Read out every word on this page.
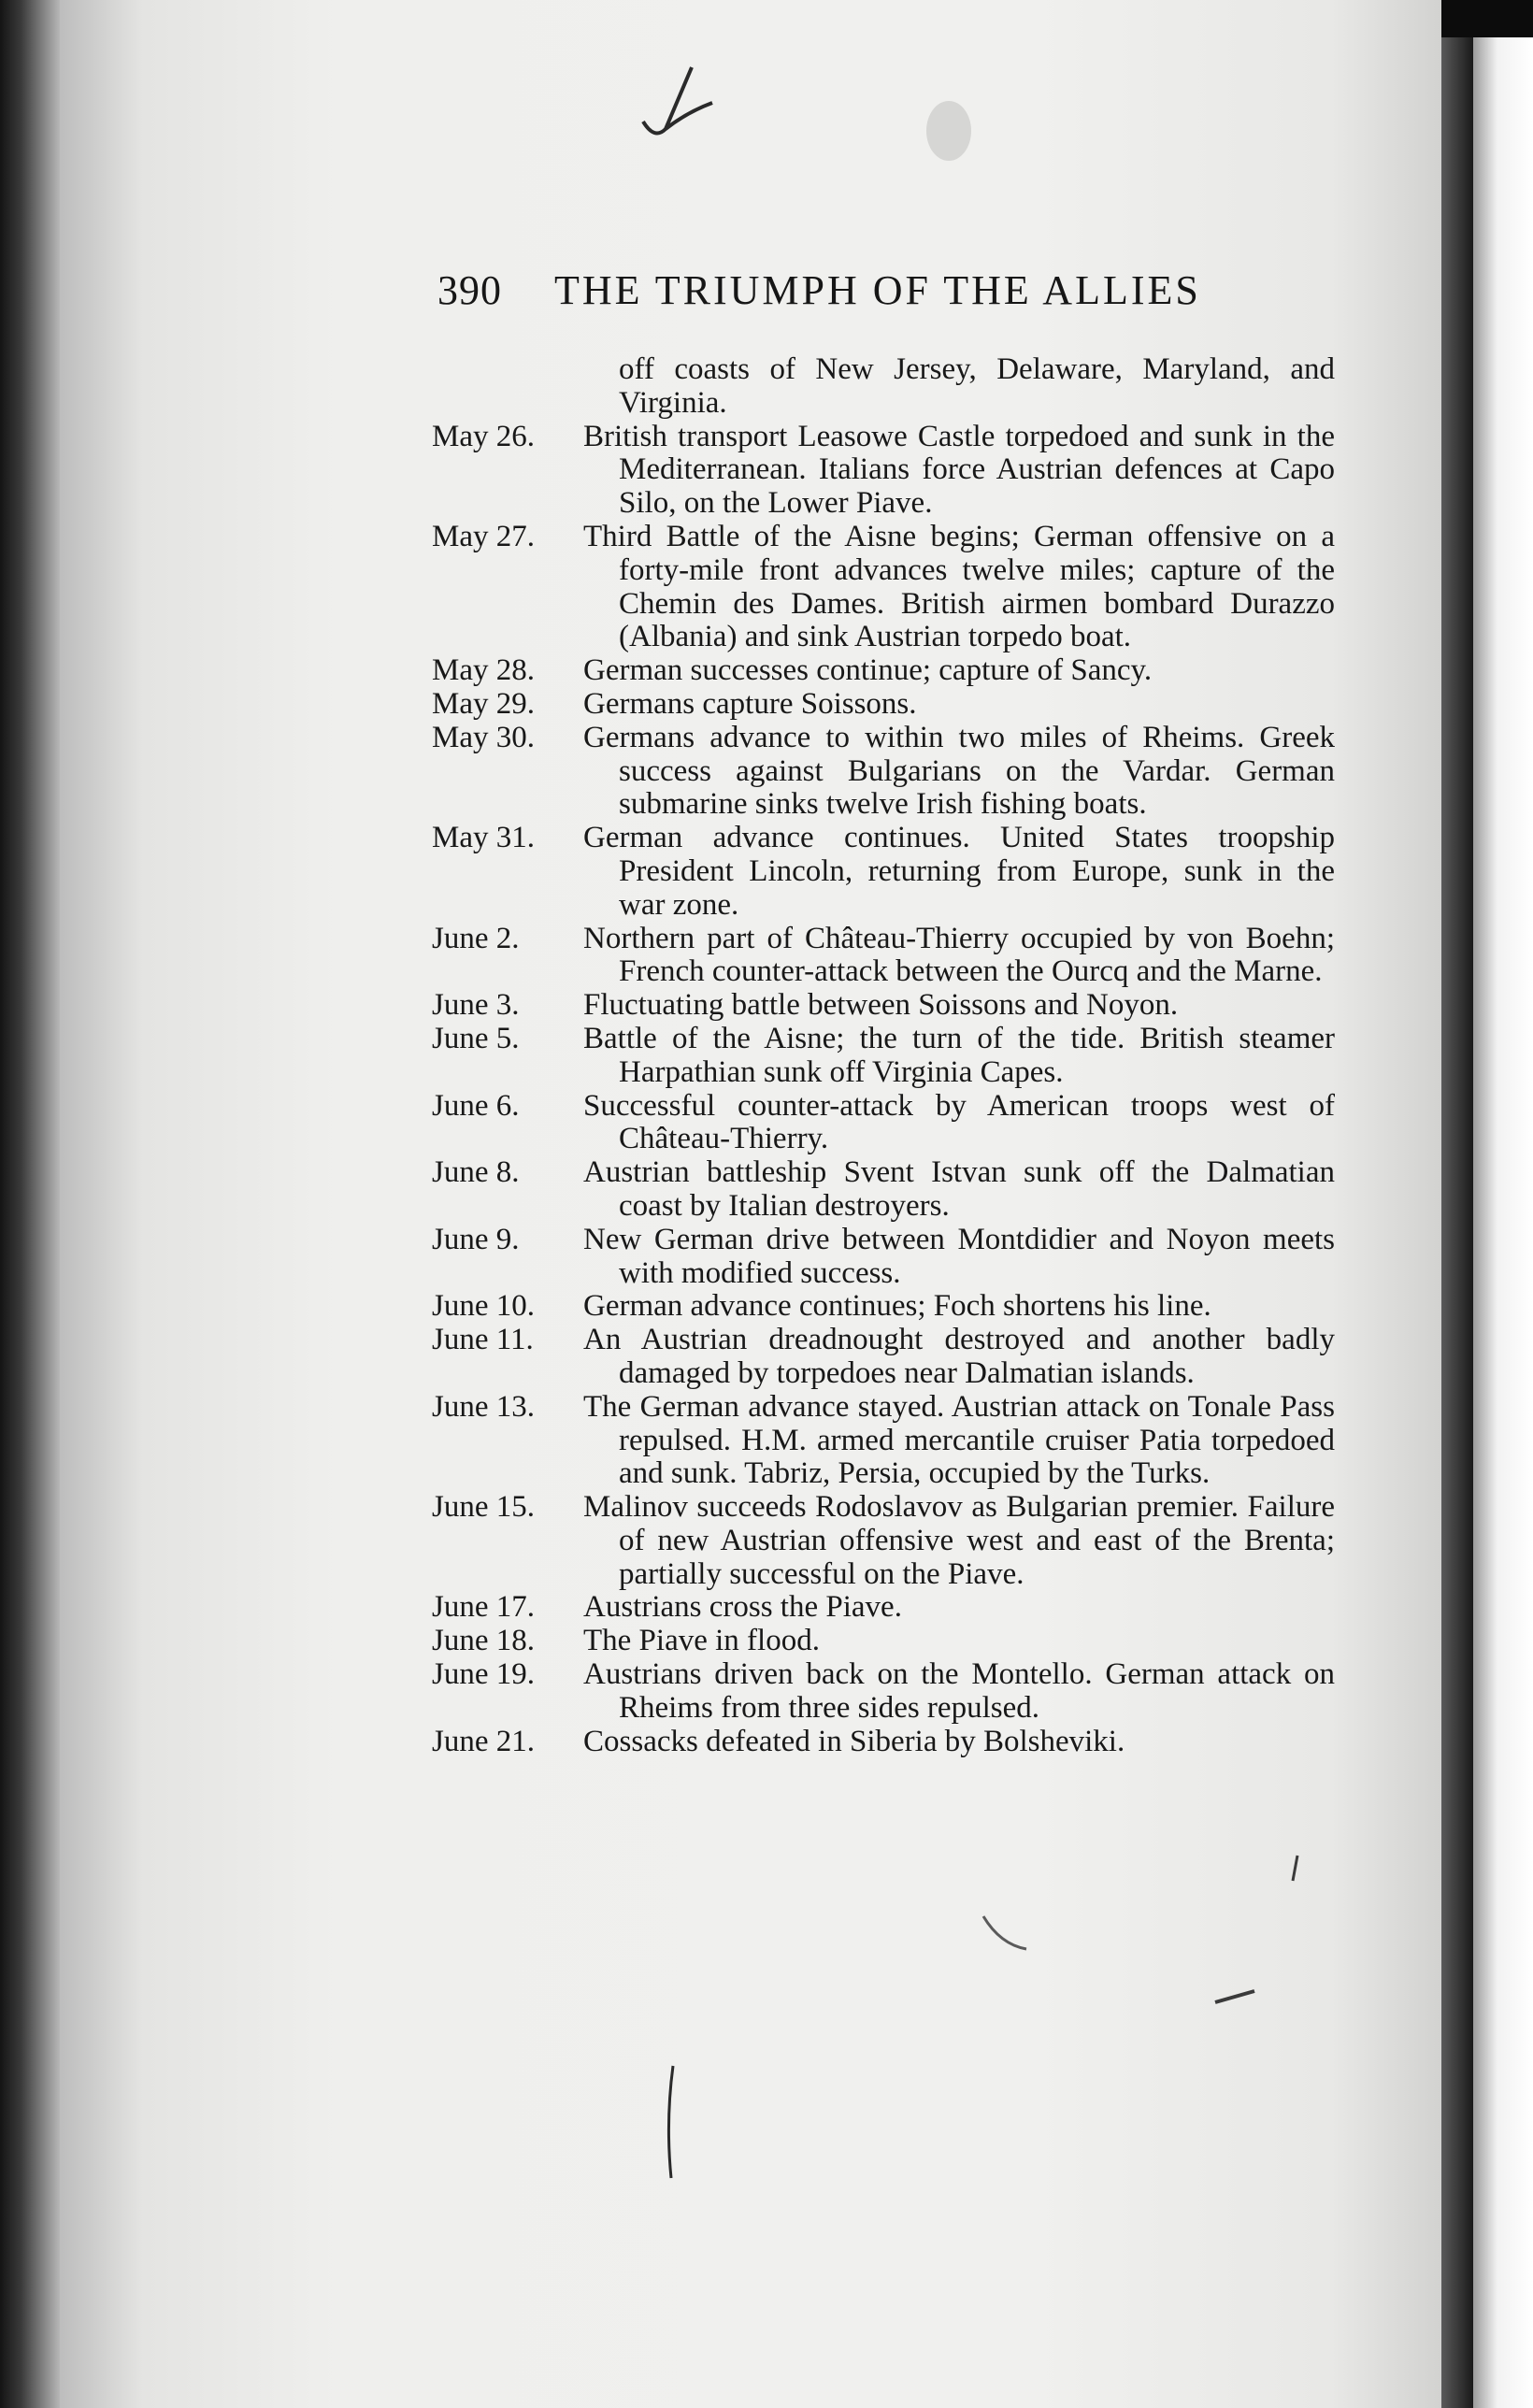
390 THE TRIUMPH OF THE ALLIES
off coasts of New Jersey, Delaware, Maryland, and Virginia.
May 26.	British transport Leasowe Castle torpedoed and sunk in the Mediterranean. Italians force Austrian defences at Capo Silo, on the Lower Piave.
May 27.	Third Battle of the Aisne begins; German offensive on a forty-mile front advances twelve miles; capture of the Chemin des Dames. British airmen bombard Durazzo (Albania) and sink Austrian torpedo boat.
May 28.	German successes continue; capture of Sancy.
May 29.	Germans capture Soissons.
May 30.	Germans advance to within two miles of Rheims. Greek success against Bulgarians on the Vardar. German submarine sinks twelve Irish fishing boats.
May 31.	German advance continues. United States troopship President Lincoln, returning from Europe, sunk in the war zone.
June 2.	Northern part of Château-Thierry occupied by von Boehn; French counter-attack between the Ourcq and the Marne.
June 3.	Fluctuating battle between Soissons and Noyon.
June 5.	Battle of the Aisne; the turn of the tide. British steamer Harpathian sunk off Virginia Capes.
June 6.	Successful counter-attack by American troops west of Château-Thierry.
June 8.	Austrian battleship Svent Istvan sunk off the Dalmatian coast by Italian destroyers.
June 9.	New German drive between Montdidier and Noyon meets with modified success.
June 10.	German advance continues; Foch shortens his line.
June 11.	An Austrian dreadnought destroyed and another badly damaged by torpedoes near Dalmatian islands.
June 13.	The German advance stayed. Austrian attack on Tonale Pass repulsed. H.M. armed mercantile cruiser Patia torpedoed and sunk. Tabriz, Persia, occupied by the Turks.
June 15.	Malinov succeeds Rodoslavov as Bulgarian premier. Failure of new Austrian offensive west and east of the Brenta; partially successful on the Piave.
June 17.	Austrians cross the Piave.
June 18.	The Piave in flood.
June 19.	Austrians driven back on the Montello. German attack on Rheims from three sides repulsed.
June 21.	Cossacks defeated in Siberia by Bolsheviki.
